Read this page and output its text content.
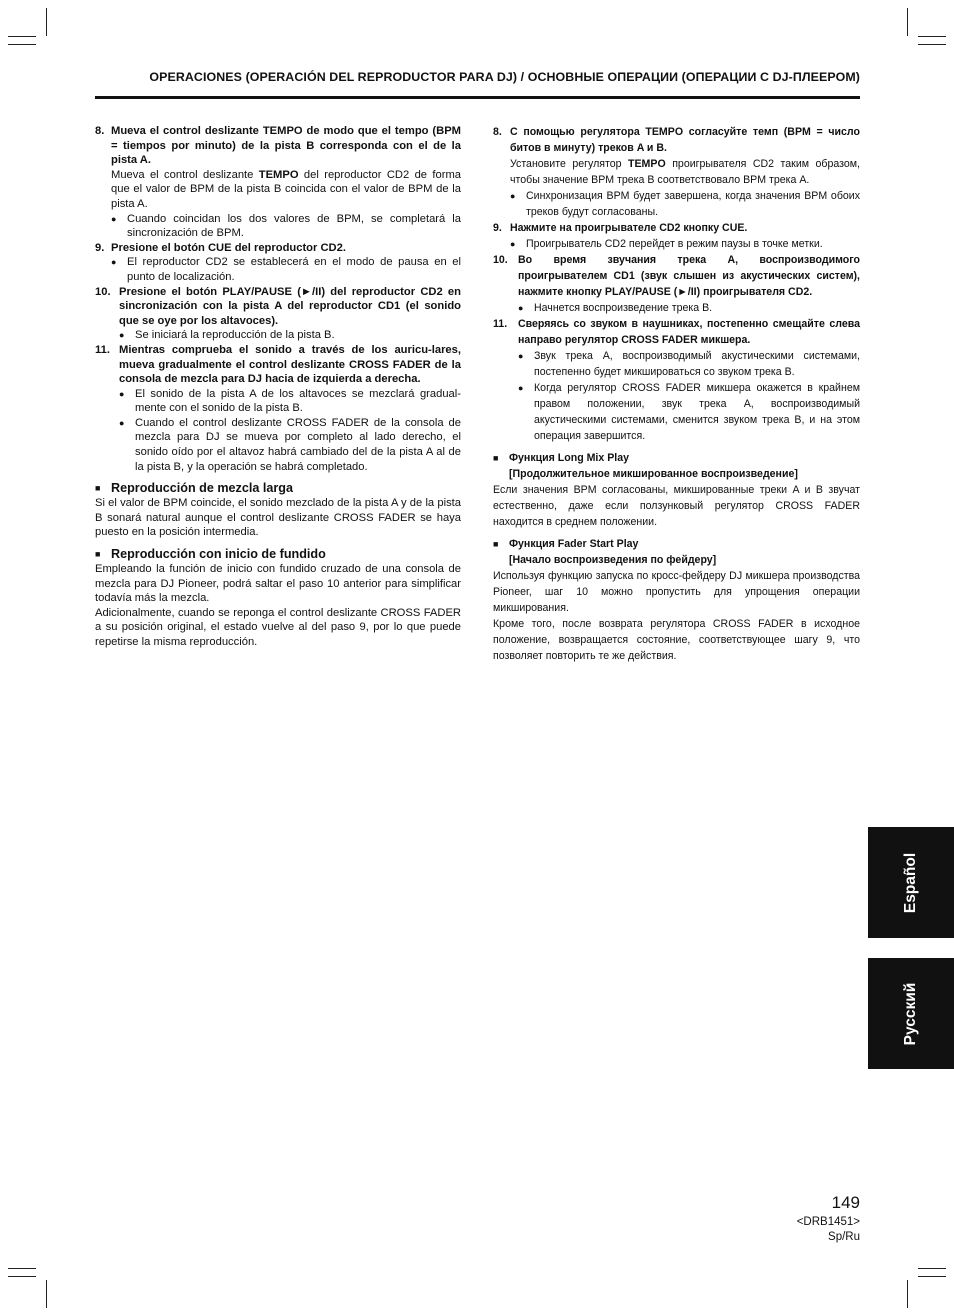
OPERACIONES (OPERACIÓN DEL REPRODUCTOR PARA DJ) / ОСНОВНЫЕ ОПЕРАЦИИ (ОПЕРАЦИИ С DJ-ПЛЕЕРОМ)
8. Mueva el control deslizante TEMPO de modo que el tempo (BPM = tiempos por minuto) de la pista B corresponda con el de la pista A.
Mueva el control deslizante TEMPO del reproductor CD2 de forma que el valor de BPM de la pista B coincida con el valor de BPM de la pista A.
● Cuando coincidan los dos valores de BPM, se completará la sincronización de BPM.
9. Presione el botón CUE del reproductor CD2.
● El reproductor CD2 se establecerá en el modo de pausa en el punto de localización.
10. Presione el botón PLAY/PAUSE (►/II) del reproductor CD2 en sincronización con la pista A del reproductor CD1 (el sonido que se oye por los altavoces).
● Se iniciará la reproducción de la pista B.
11. Mientras comprueba el sonido a través de los auricu-lares, mueva gradualmente el control deslizante CROSS FADER de la consola de mezcla para DJ hacia de izquierda a derecha.
● El sonido de la pista A de los altavoces se mezclará gradual-mente con el sonido de la pista B.
● Cuando el control deslizante CROSS FADER de la consola de mezcla para DJ se mueva por completo al lado derecho, el sonido oído por el altavoz habrá cambiado del de la pista A al de la pista B, y la operación se habrá completado.
■ Reproducción de mezcla larga
Si el valor de BPM coincide, el sonido mezclado de la pista A y de la pista B sonará natural aunque el control deslizante CROSS FADER se haya puesto en la posición intermedia.
■ Reproducción con inicio de fundido
Empleando la función de inicio con fundido cruzado de una consola de mezcla para DJ Pioneer, podrá saltar el paso 10 anterior para simplificar todavía más la mezcla.
Adicionalmente, cuando se reponga el control deslizante CROSS FADER a su posición original, el estado vuelve al del paso 9, por lo que puede repetirse la misma reproducción.
8. С помощью регулятора TEMPO согласуйте темп (BPM = число битов в минуту) треков A и B.
Установите регулятор TEMPO проигрывателя CD2 таким образом, чтобы значение BPM трека B соответствовало BPM трека A.
● Синхронизация BPM будет завершена, когда значения BPM обоих треков будут согласованы.
9. Нажмите на проигрывателе CD2 кнопку CUE.
● Проигрыватель CD2 перейдет в режим паузы в точке метки.
10. Во время звучания трека A, воспроизводимого проигрывателем CD1 (звук слышен из акустических систем), нажмите кнопку PLAY/PAUSE (►/II) проигрывателя CD2.
● Начнется воспроизведение трека B.
11.	Сверяясь со звуком в наушниках, постепенно смещайте слева направо регулятор CROSS FADER микшера.
● Звук трека A, воспроизводимый акустическими системами, постепенно будет микшироваться со звуком трека B.
● Когда регулятор CROSS FADER микшера окажется в крайнем правом положении, звук трека A, воспроизводимый акустическими системами, сменится звуком трека B, и на этом операция завершится.
■ Функция Long Mix Play
[Продолжительное микшированное воспроизведение]
Если значения BPM согласованы, микшированные треки A и B звучат естественно, даже если ползунковый регулятор CROSS FADER находится в среднем положении.
■ Функция Fader Start Play
[Начало воспроизведения по фейдеру]
Используя функцию запуска по кросс-фейдеру DJ микшера производства Pioneer, шаг 10 можно пропустить для упрощения операции микширования.
Кроме того, после возврата регулятора CROSS FADER в исходное положение, возвращается состояние, соответствующее шагу 9, что позволяет повторить те же действия.
Español
Русский
149
<DRB1451>
Sp/Ru
